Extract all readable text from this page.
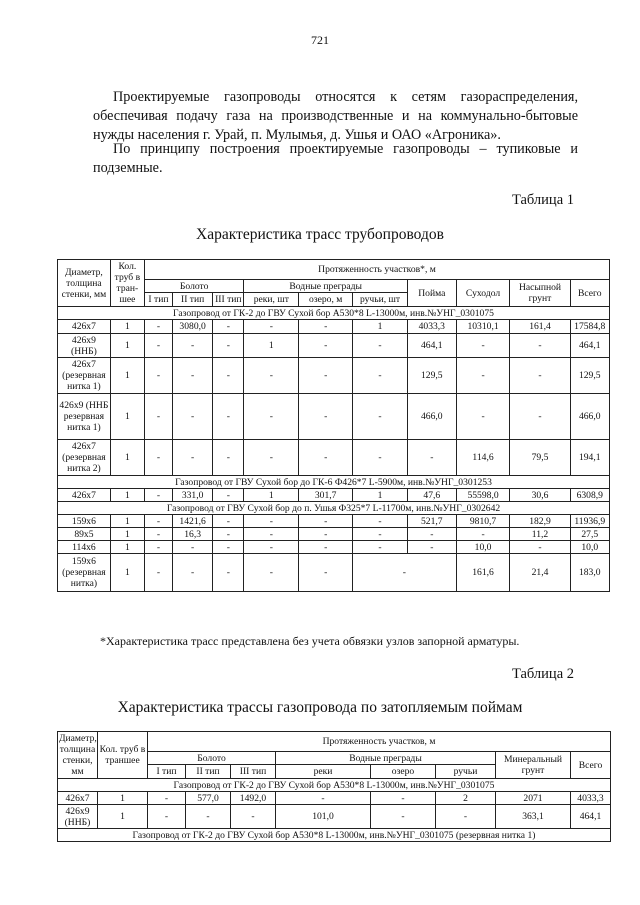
721
Проектируемые газопроводы относятся к сетям газораспределения, обеспечивая подачу газа на производственные и на коммунально-бытовые нужды населения г. Урай, п. Мулымья, д. Ушья и ОАО «Агроника».
По принципу построения проектируемые газопроводы – тупиковые и подземные.
Таблица 1
Характеристика трасс трубопроводов
Диаметр, толщина стенки, мм	Кол. труб в тран-шее	Протяженность участков*, м									
		Болото			Водные преграды			Пойма	Суходол	Насыпной грунт	Всего
		I тип	II тип	III тип	реки, шт	озеро, м	ручьи, шт				
Газопровод от ГК-2 до ГВУ Сухой бор А530*8 L-13000м, инв.№УНГ_0301075											
426х7	1	-	3080,0	-	-	-	1	4033,3	10310,1	161,4	17584,8
426х9 (ННБ)	1	-	-	-	1	-	-	464,1	-	-	464,1
426х7 (резервная нитка 1)	1	-	-	-	-	-	-	129,5	-	-	129,5
426х9 (ННБ резервная нитка 1)	1	-	-	-	-	-	-	466,0	-	-	466,0
426х7 (резервная нитка 2)	1	-	-	-	-	-	-	-	114,6	79,5	194,1
Газопровод от ГВУ Сухой бор до ГК-6 Ф426*7 L-5900м, инв.№УНГ_0301253											
426х7	1	-	331,0	-	1	301,7	1	47,6	55598,0	30,6	6308,9
Газопровод от ГВУ Сухой бор до п. Ушья Ф325*7 L-11700м, инв.№УНГ_0302642											
159х6	1	-	1421,6	-	-	-	-	521,7	9810,7	182,9	11936,9
89х5	1	-	16,3	-	-	-	-	-	-	11,2	27,5
114х6	1	-	-	-	-	-	-	-	10,0	-	10,0
159х6 (резервная нитка)	1	-	-	-	-	-	-		161,6	21,4	183,0
*Характеристика трасс представлена без учета обвязки узлов запорной арматуры.
Таблица 2
Характеристика трассы газопровода по затопляемым поймам
Диаметр, толщина стенки, мм	Кол. труб в траншее	Протяженность участков, м							
		Болото			Водные преграды			Минеральный грунт	Всего
		I тип	II тип	III тип	реки	озеро	ручьи		
Газопровод от ГК-2 до ГВУ Сухой бор А530*8 L-13000м, инв.№УНГ_0301075									
426х7	1	-	577,0	1492,0	-	-	2	2071	4033,3
426х9 (ННБ)	1	-	-	-	101,0	-	-	363,1	464,1
Газопровод от ГК-2 до ГВУ Сухой бор А530*8 L-13000м, инв.№УНГ_0301075 (резервная нитка 1)									
